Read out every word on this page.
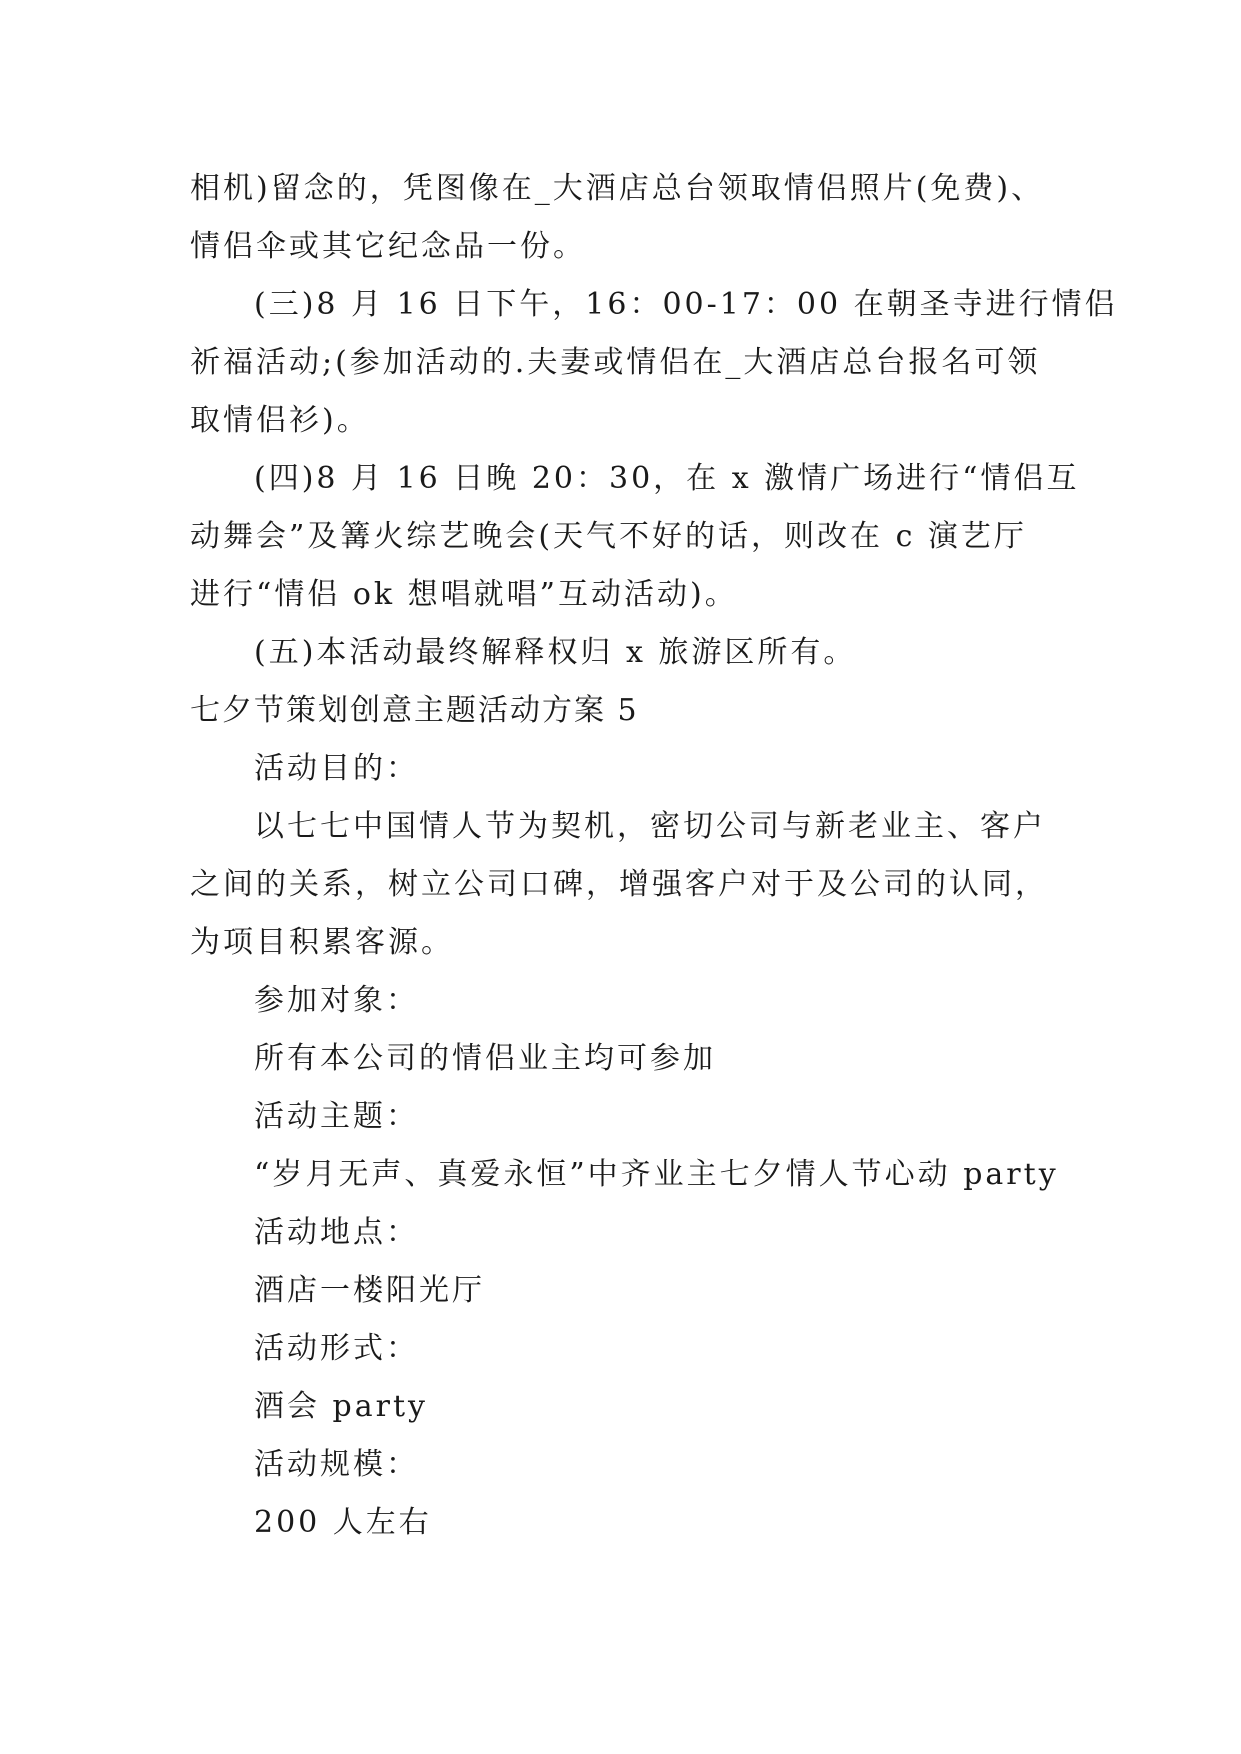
相机)留念的，凭图像在_大酒店总台领取情侣照片(免费)、
情侣伞或其它纪念品一份。
(三)8 月 16 日下午，16：00-17：00 在朝圣寺进行情侣
祈福活动;(参加活动的.夫妻或情侣在_大酒店总台报名可领
取情侣衫)。
(四)8 月 16 日晚 20：30，在 x 激情广场进行“情侣互
动舞会”及篝火综艺晚会(天气不好的话，则改在 c 演艺厅
进行“情侣 ok 想唱就唱”互动活动)。
(五)本活动最终解释权归 x 旅游区所有。
七夕节策划创意主题活动方案 5
活动目的：
以七七中国情人节为契机，密切公司与新老业主、客户
之间的关系，树立公司口碑，增强客户对于及公司的认同，
为项目积累客源。
参加对象：
所有本公司的情侣业主均可参加
活动主题：
“岁月无声、真爱永恒”中齐业主七夕情人节心动 party
活动地点：
酒店一楼阳光厅
活动形式：
酒会 party
活动规模：
200 人左右
